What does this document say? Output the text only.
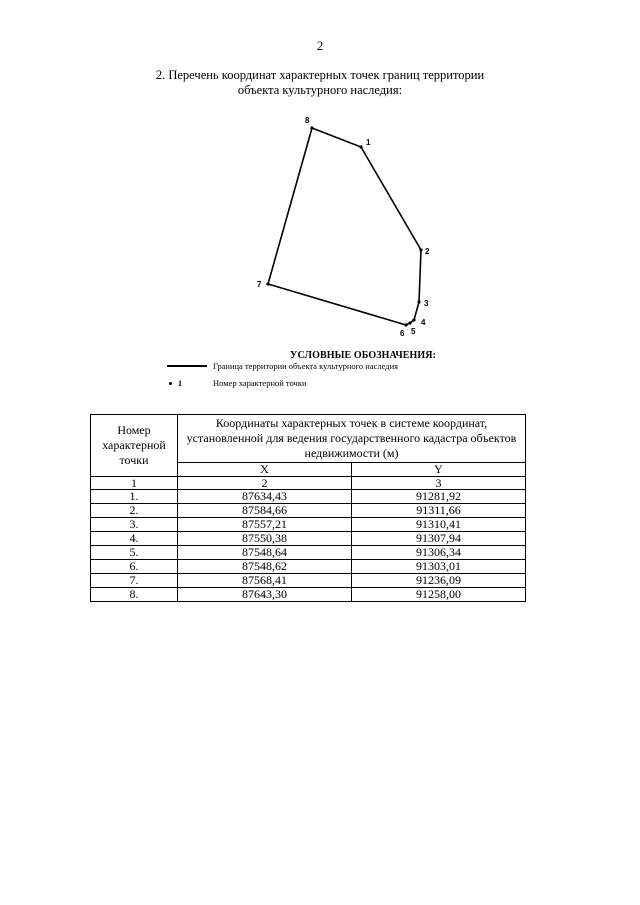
2
2. Перечень координат характерных точек границ территории
объекта культурного наследия:
1
2
3
4
5
6
7
8
УСЛОВНЫЕ ОБОЗНАЧЕНИЯ:
Граница территории объекта культурного наследия
1	Номер характерной точки
Номер характерной точки	Координаты характерных точек в системе координат, установленной для ведения государственного кадастра объектов недвижимости (м)	
	X	Y
1	2	3
1.	87634,43	91281,92
2.	87584,66	91311,66
3.	87557,21	91310,41
4.	87550,38	91307,94
5.	87548,64	91306,34
6.	87548,62	91303,01
7.	87568,41	91236,09
8.	87643,30	91258,00
